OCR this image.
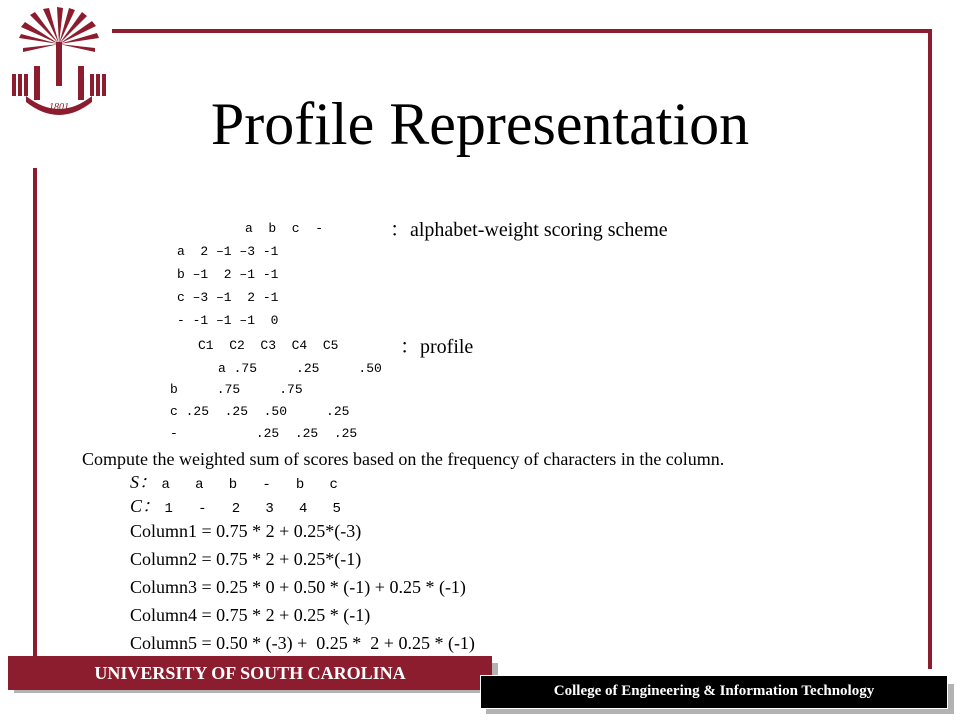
1801	Profile Representation
a  b  c  -	：alphabet-weight scoring scheme
a  2 –1 –3 -1
b –1  2 –1 -1
c –3 –1  2 -1
- -1 –1 –1  0
C1  C2  C3  C4  C5	：profile
a .75     .25     .50
b     .75     .75
c .25  .25  .50     .25
-          .25  .25  .25
Compute the weighted sum of scores based on the frequency of characters in the column.
S： a   a   b   -   b   c
C： 1   -   2   3   4   5
Column1 = 0.75 * 2 + 0.25*(-3)
Column2 = 0.75 * 2 + 0.25*(-1)
Column3 = 0.25 * 0 + 0.50 * (-1) + 0.25 * (-1)
Column4 = 0.75 * 2 + 0.25 * (-1)
Column5 = 0.50 * (-3) +  0.25 *  2 + 0.25 * (-1)
UNIVERSITY OF SOUTH CAROLINA
College of Engineering & Information Technology
